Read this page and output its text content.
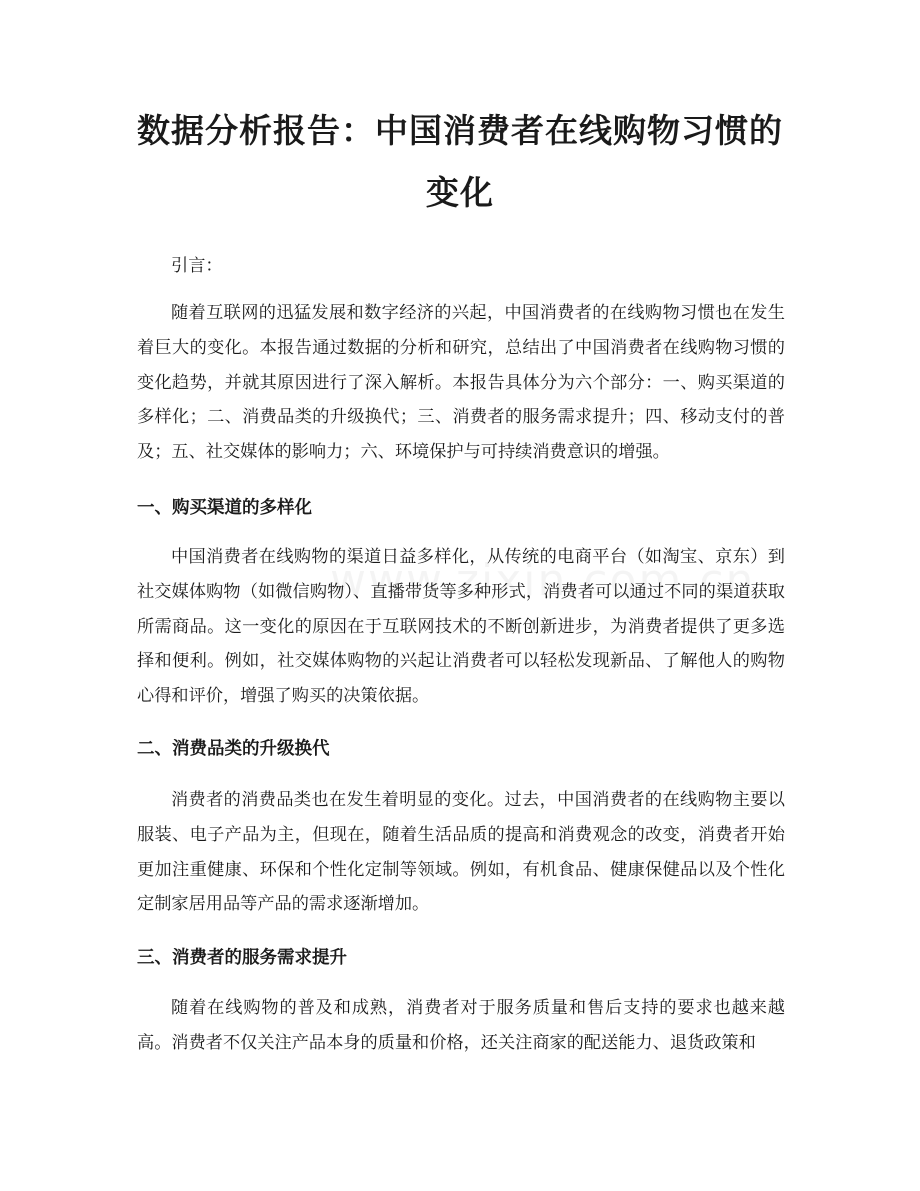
数据分析报告：中国消费者在线购物习惯的变化

引言：

随着互联网的迅猛发展和数字经济的兴起，中国消费者的在线购物习惯也在发生着巨大的变化。本报告通过数据的分析和研究，总结出了中国消费者在线购物习惯的变化趋势，并就其原因进行了深入解析。本报告具体分为六个部分：一、购买渠道的多样化；二、消费品类的升级换代；三、消费者的服务需求提升；四、移动支付的普及；五、社交媒体的影响力；六、环境保护与可持续消费意识的增强。

一、购买渠道的多样化

中国消费者在线购物的渠道日益多样化，从传统的电商平台（如淘宝、京东）到社交媒体购物（如微信购物）、直播带货等多种形式，消费者可以通过不同的渠道获取所需商品。这一变化的原因在于互联网技术的不断创新进步，为消费者提供了更多选择和便利。例如，社交媒体购物的兴起让消费者可以轻松发现新品、了解他人的购物心得和评价，增强了购买的决策依据。

二、消费品类的升级换代

消费者的消费品类也在发生着明显的变化。过去，中国消费者的在线购物主要以服装、电子产品为主，但现在，随着生活品质的提高和消费观念的改变，消费者开始更加注重健康、环保和个性化定制等领域。例如，有机食品、健康保健品以及个性化定制家居用品等产品的需求逐渐增加。

三、消费者的服务需求提升

随着在线购物的普及和成熟，消费者对于服务质量和售后支持的要求也越来越高。消费者不仅关注产品本身的质量和价格，还关注商家的配送能力、退货政策和
